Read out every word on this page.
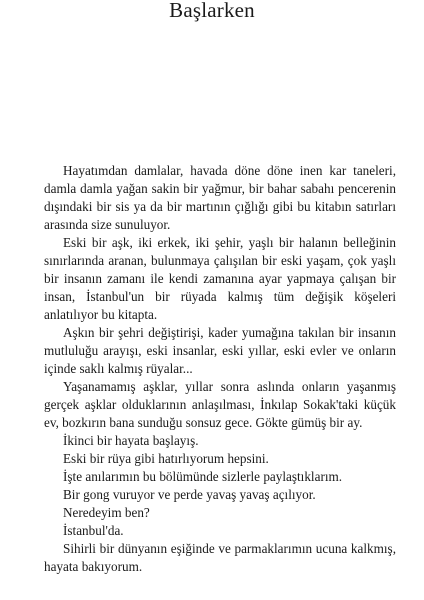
Başlarken

Hayatımdan damlalar, havada döne döne inen kar taneleri, damla damla yağan sakin bir yağmur, bir bahar sabahı pencerenin dışındaki bir sis ya da bir martının çığlığı gibi bu kitabın satırları arasında size sunuluyor.

Eski bir aşk, iki erkek, iki şehir, yaşlı bir halanın belleğinin sınırlarında aranan, bulunmaya çalışılan bir eski yaşam, çok yaşlı bir insanın zamanı ile kendi zamanına ayar yapmaya çalışan bir insan, İstanbul'un bir rüyada kalmış tüm değişik köşeleri anlatılıyor bu kitapta.

Aşkın bir şehri değiştirişi, kader yumağına takılan bir insanın mutluluğu arayışı, eski insanlar, eski yıllar, eski evler ve onların içinde saklı kalmış rüyalar...

Yaşanamamış aşklar, yıllar sonra aslında onların yaşanmış gerçek aşklar olduklarının anlaşılması, İnkılap Sokak'taki küçük ev, bozkırın bana sunduğu sonsuz gece. Gökte gümüş bir ay.

İkinci bir hayata başlayış.

Eski bir rüya gibi hatırlıyorum hepsini.

İşte anılarımın bu bölümünde sizlerle paylaştıklarım.

Bir gong vuruyor ve perde yavaş yavaş açılıyor.

Neredeyim ben?

İstanbul'da.

Sihirli bir dünyanın eşiğinde ve parmaklarımın ucuna kalkmış, hayata bakıyorum.
